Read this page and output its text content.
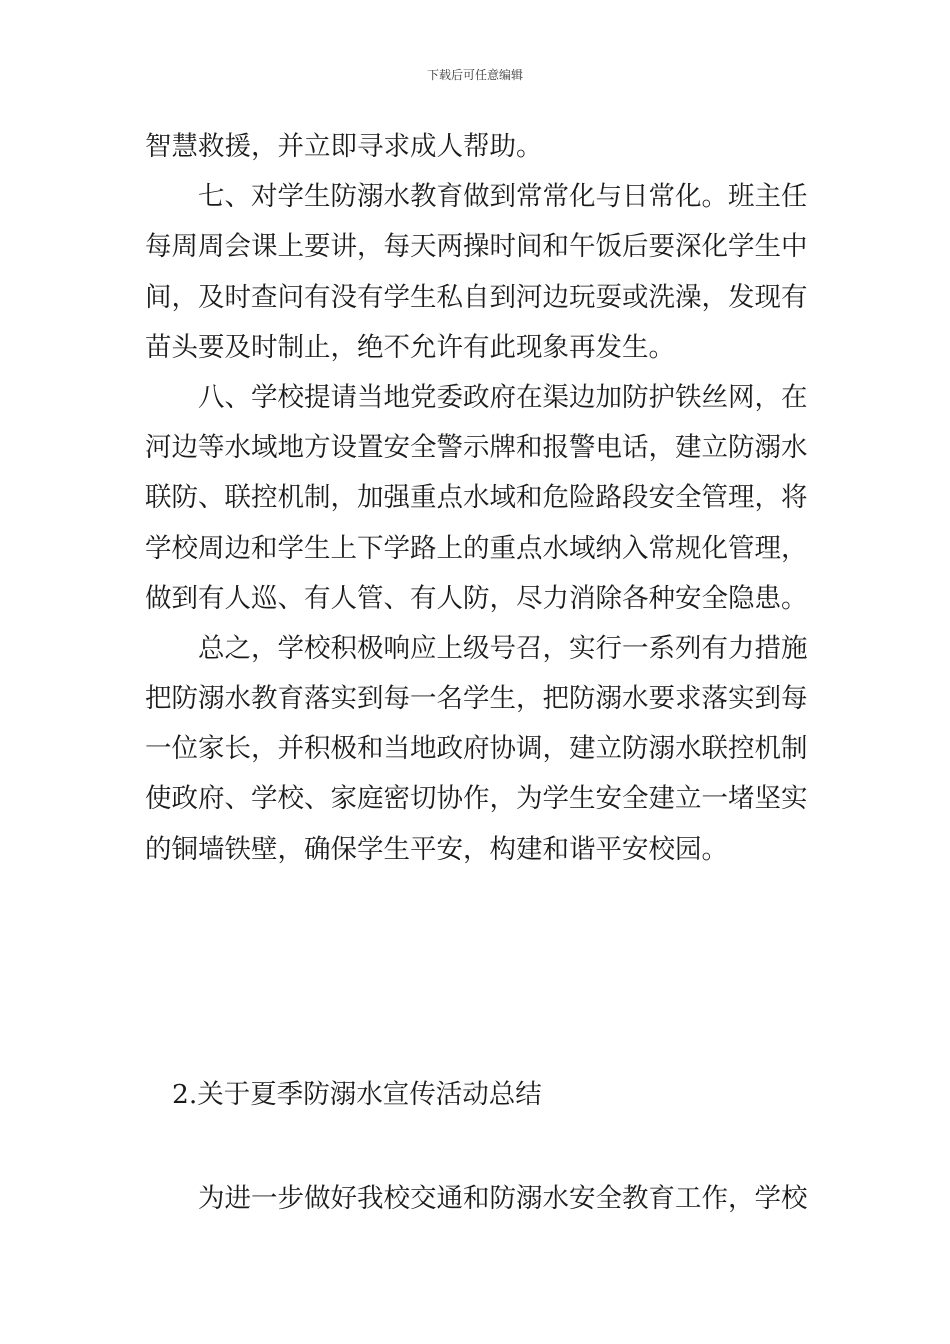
下载后可任意编辑
智慧救援，并立即寻求成人帮助。
七、对学生防溺水教育做到常常化与日常化。班主任
每周周会课上要讲，每天两操时间和午饭后要深化学生中
间，及时查问有没有学生私自到河边玩耍或洗澡，发现有
苗头要及时制止，绝不允许有此现象再发生。
八、学校提请当地党委政府在渠边加防护铁丝网，在
河边等水域地方设置安全警示牌和报警电话，建立防溺水
联防、联控机制，加强重点水域和危险路段安全管理，将
学校周边和学生上下学路上的重点水域纳入常规化管理，
做到有人巡、有人管、有人防，尽力消除各种安全隐患。
总之，学校积极响应上级号召，实行一系列有力措施
把防溺水教育落实到每一名学生，把防溺水要求落实到每
一位家长，并积极和当地政府协调，建立防溺水联控机制
使政府、学校、家庭密切协作，为学生安全建立一堵坚实
的铜墙铁壁，确保学生平安，构建和谐平安校园。
2.关于夏季防溺水宣传活动总结
为进一步做好我校交通和防溺水安全教育工作，学校
